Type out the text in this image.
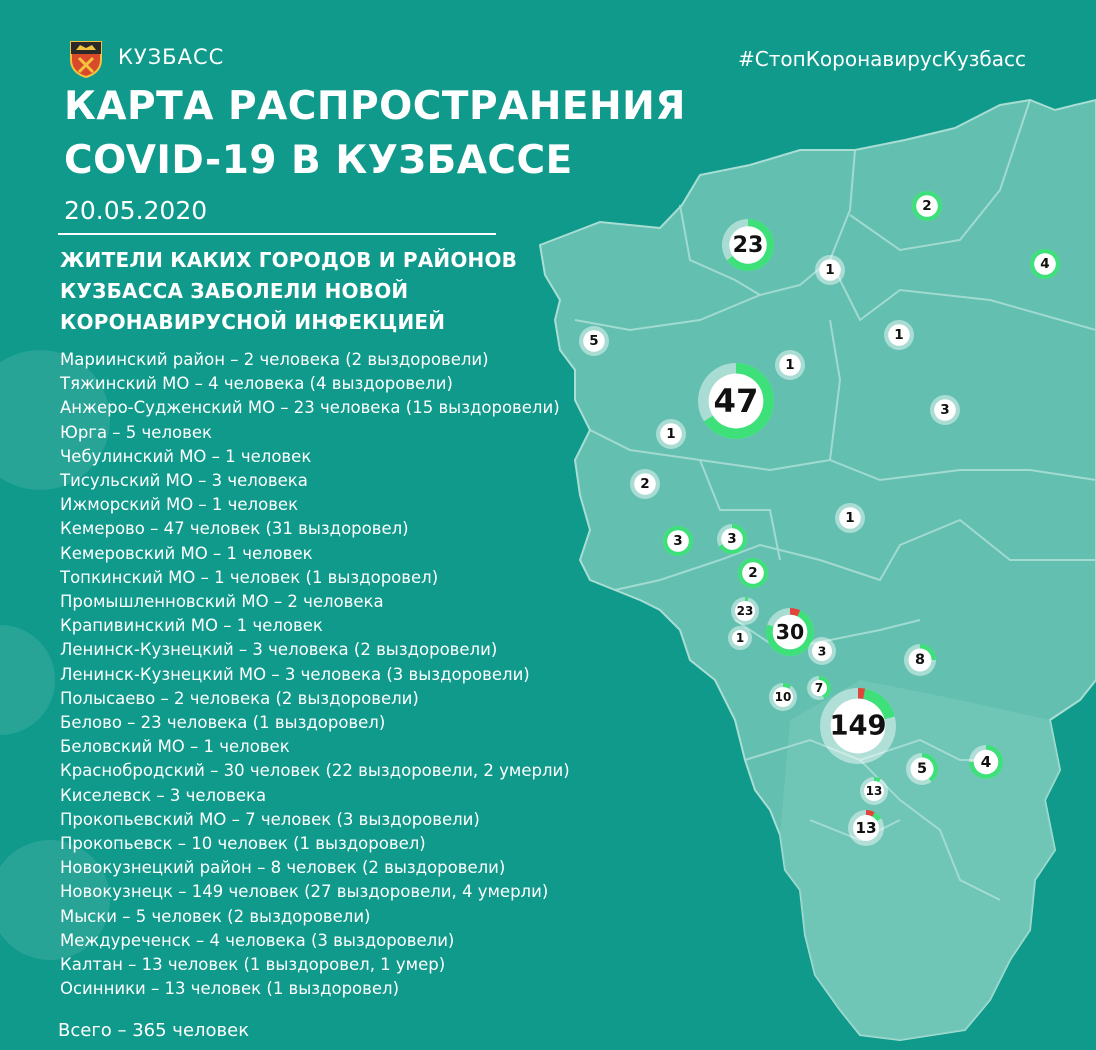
23
2
4
1
1
5
1
47	3
1
2
1
3	3
2
23
1 30
3
8
10
7
149
5	4
13
13
КУЗБАСС	#СтопКоронавирусКузбасс
КАРТА РАСПРОСТРАНЕНИЯ
COVID-19 В КУЗБАССЕ
20.05.2020
ЖИТЕЛИ КАКИХ ГОРОДОВ И РАЙОНОВ
КУЗБАССА ЗАБОЛЕЛИ НОВОЙ
КОРОНАВИРУСНОЙ ИНФЕКЦИЕЙ
Мариинский район – 2 человека (2 выздоровели)
Тяжинский МО – 4 человека (4 выздоровели)
Анжеро-Судженский МО – 23 человека (15 выздоровели)
Юрга – 5 человек
Чебулинский МО – 1 человек
Тисульский МО – 3 человека
Ижморский МО – 1 человек
Кемерово – 47 человек (31 выздоровел)
Кемеровский МО – 1 человек
Топкинский МО – 1 человек (1 выздоровел)
Промышленновский МО – 2 человека
Крапивинский МО – 1 человек
Ленинск-Кузнецкий – 3 человека (2 выздоровели)
Ленинск-Кузнецкий МО – 3 человека (3 выздоровели)
Полысаево – 2 человека (2 выздоровели)
Белово – 23 человека (1 выздоровел)
Беловский МО – 1 человек
Краснобродский – 30 человек (22 выздоровели, 2 умерли)
Киселевск – 3 человека
Прокопьевский МО – 7 человек (3 выздоровели)
Прокопьевск – 10 человек (1 выздоровел)
Новокузнецкий район – 8 человек (2 выздоровели)
Новокузнецк – 149 человек (27 выздоровели, 4 умерли)
Мыски – 5 человек (2 выздоровели)
Междуреченск – 4 человека (3 выздоровели)
Калтан – 13 человек (1 выздоровел, 1 умер)
Осинники – 13 человек (1 выздоровел)
Всего – 365 человек
